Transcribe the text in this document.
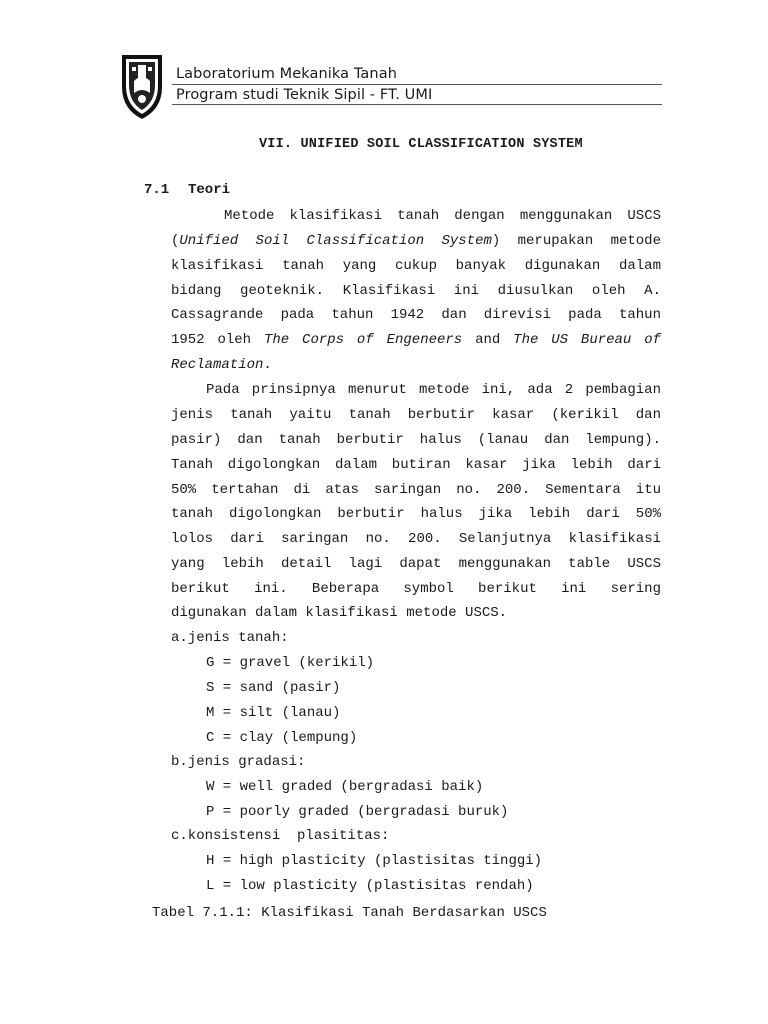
Laboratorium Mekanika Tanah
Program studi Teknik Sipil - FT. UMI
VII. UNIFIED SOIL CLASSIFICATION SYSTEM
7.1 Teori
Metode klasifikasi tanah dengan menggunakan USCS
(Unified Soil Classification System) merupakan metode
klasifikasi tanah yang cukup banyak digunakan dalam
bidang geoteknik. Klasifikasi ini diusulkan oleh A.
Cassagrande pada tahun 1942 dan direvisi pada tahun
1952 oleh The Corps of Engeneers and The US Bureau of
Reclamation.
Pada prinsipnya menurut metode ini, ada 2 pembagian
jenis tanah yaitu tanah berbutir kasar (kerikil dan
pasir) dan tanah berbutir halus (lanau dan lempung).
Tanah digolongkan dalam butiran kasar jika lebih dari
50% tertahan di atas saringan no. 200. Sementara itu
tanah digolongkan berbutir halus jika lebih dari 50%
lolos dari saringan no. 200. Selanjutnya klasifikasi
yang lebih detail lagi dapat menggunakan table USCS
berikut ini. Beberapa symbol berikut ini sering
digunakan dalam klasifikasi metode USCS.
a.jenis tanah:
G = gravel (kerikil)
S = sand (pasir)
M = silt (lanau)
C = clay (lempung)
b.jenis gradasi:
W = well graded (bergradasi baik)
P = poorly graded (bergradasi buruk)
c.konsistensi  plasititas:
H = high plasticity (plastisitas tinggi)
L = low plasticity (plastisitas rendah)
Tabel 7.1.1: Klasifikasi Tanah Berdasarkan USCS
